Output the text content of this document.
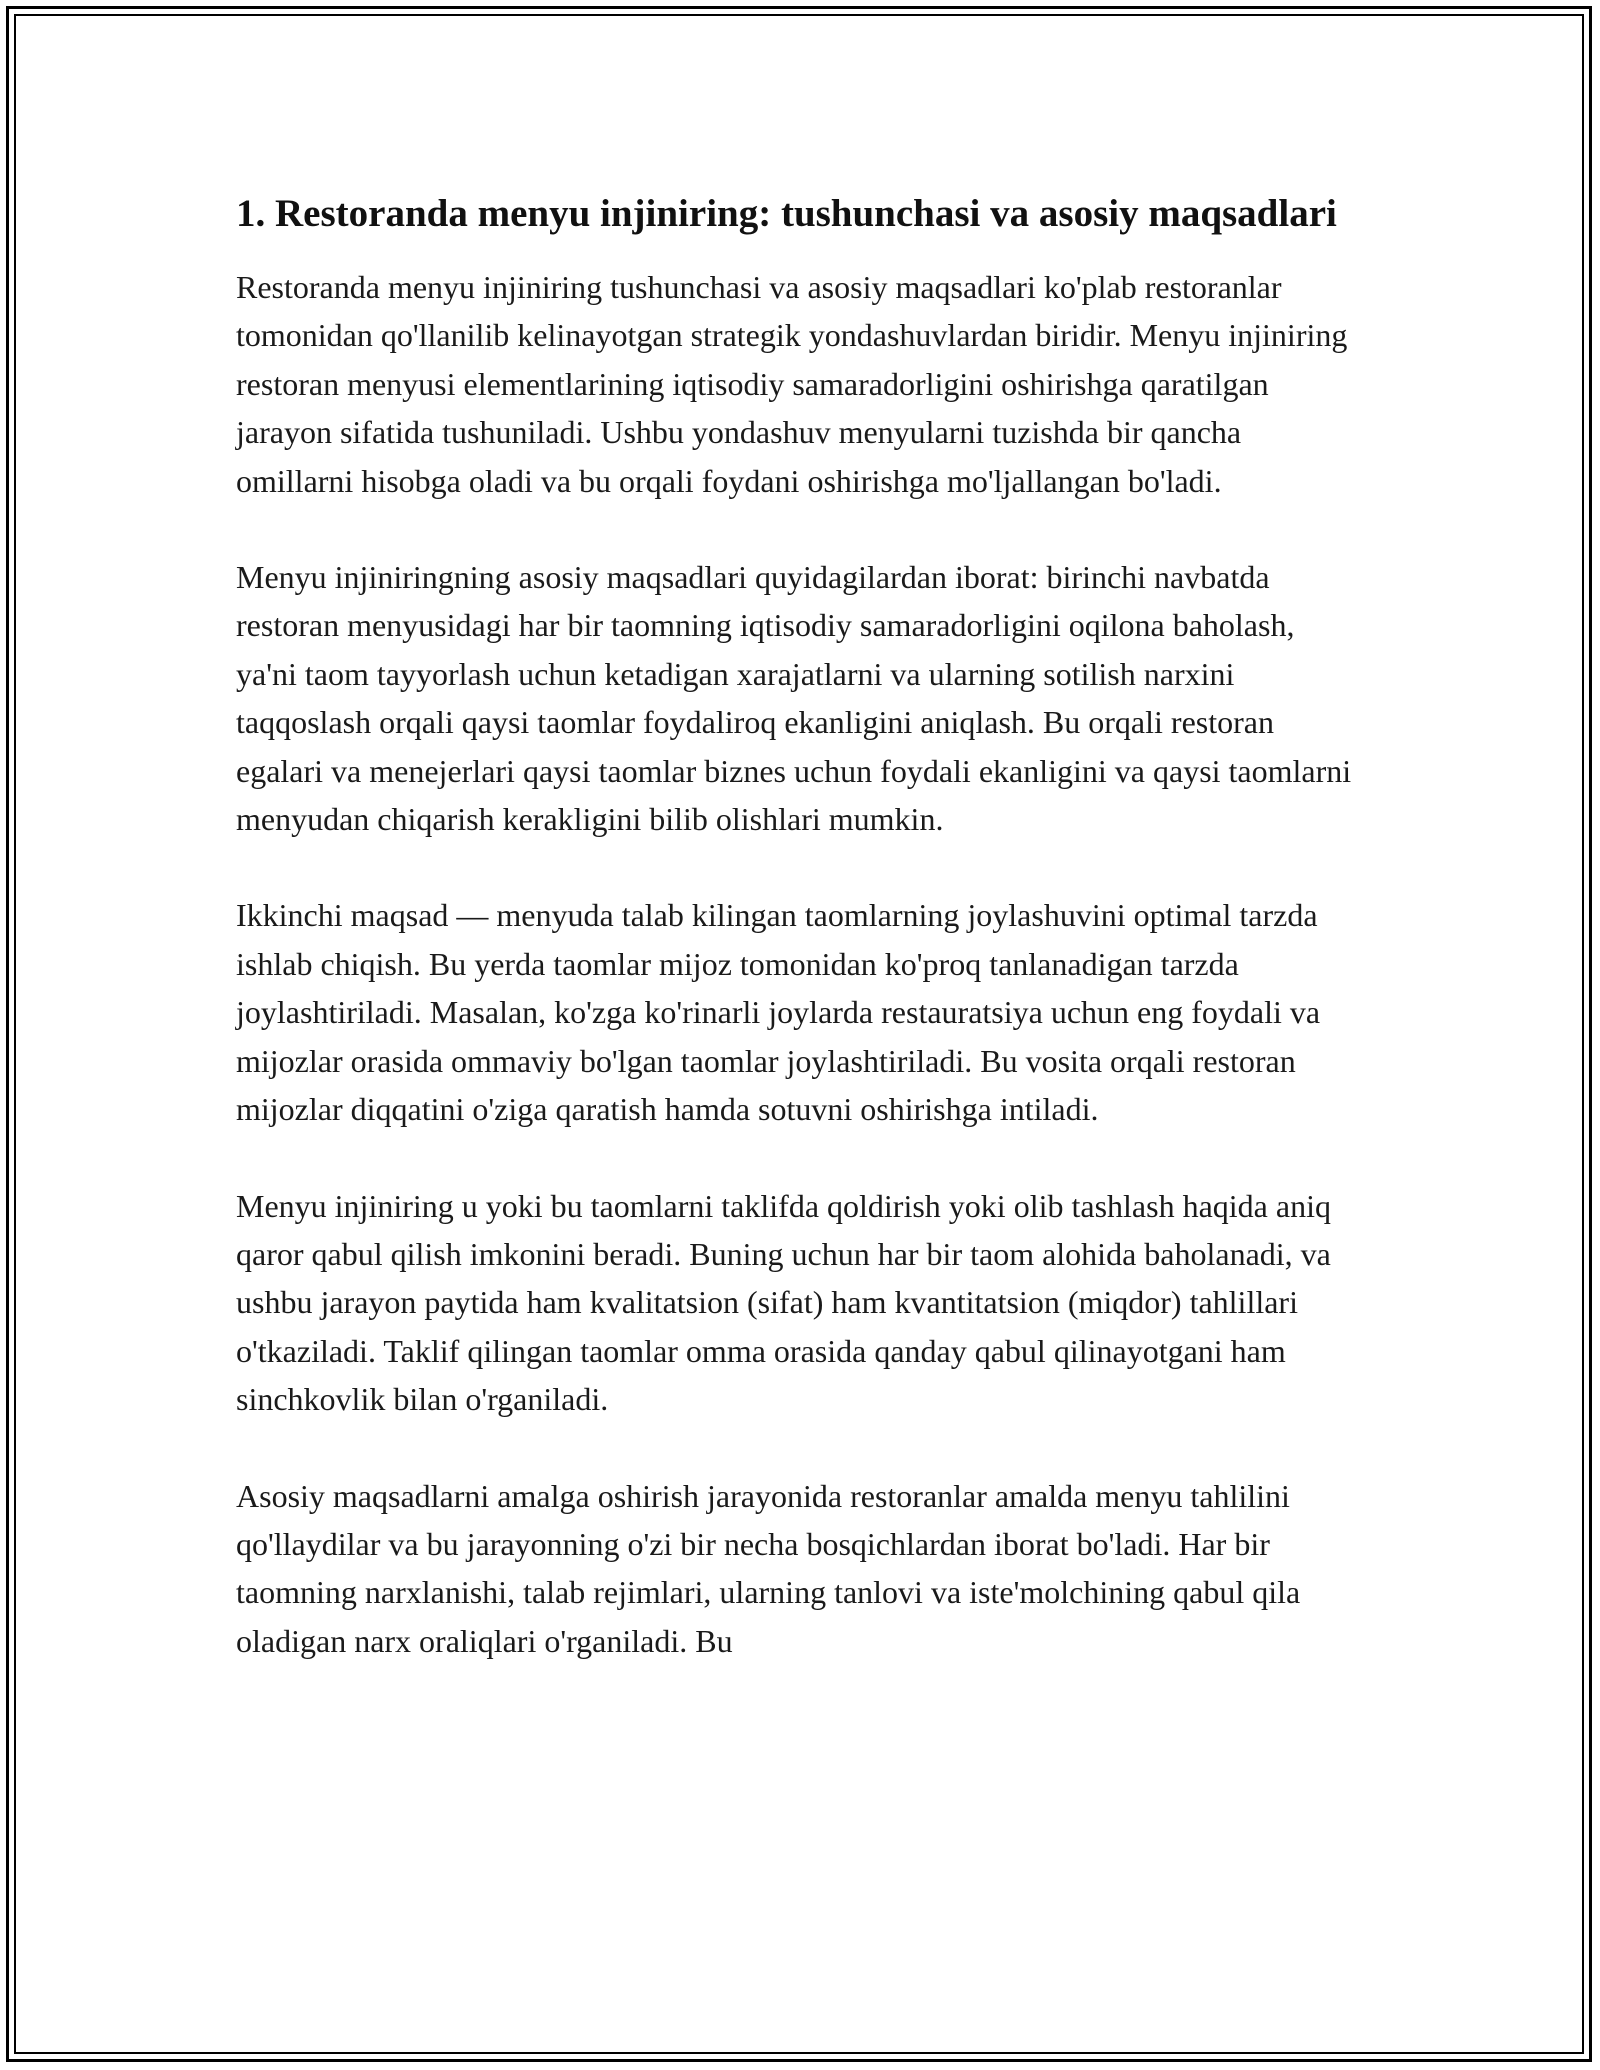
1. Restoranda menyu injiniring: tushunchasi va asosiy maqsadlari

Restoranda menyu injiniring tushunchasi va asosiy maqsadlari ko'plab restoranlar tomonidan qo'llanilib kelinayotgan strategik yondashuvlardan biridir. Menyu injiniring restoran menyusi elementlarining iqtisodiy samaradorligini oshirishga qaratilgan jarayon sifatida tushuniladi. Ushbu yondashuv menyularni tuzishda bir qancha omillarni hisobga oladi va bu orqali foydani oshirishga mo'ljallangan bo'ladi.

Menyu injiniringning asosiy maqsadlari quyidagilardan iborat: birinchi navbatda restoran menyusidagi har bir taomning iqtisodiy samaradorligini oqilona baholash, ya'ni taom tayyorlash uchun ketadigan xarajatlarni va ularning sotilish narxini taqqoslash orqali qaysi taomlar foydaliroq ekanligini aniqlash. Bu orqali restoran egalari va menejerlari qaysi taomlar biznes uchun foydali ekanligini va qaysi taomlarni menyudan chiqarish kerakligini bilib olishlari mumkin.

Ikkinchi maqsad — menyuda talab kilingan taomlarning joylashuvini optimal tarzda ishlab chiqish. Bu yerda taomlar mijoz tomonidan ko'proq tanlanadigan tarzda joylashtiriladi. Masalan, ko'zga ko'rinarli joylarda restauratsiya uchun eng foydali va mijozlar orasida ommaviy bo'lgan taomlar joylashtiriladi. Bu vosita orqali restoran mijozlar diqqatini o'ziga qaratish hamda sotuvni oshirishga intiladi.

Menyu injiniring u yoki bu taomlarni taklifda qoldirish yoki olib tashlash haqida aniq qaror qabul qilish imkonini beradi. Buning uchun har bir taom alohida baholanadi, va ushbu jarayon paytida ham kvalitatsion (sifat) ham kvantitatsion (miqdor) tahlillari o'tkaziladi. Taklif qilingan taomlar omma orasida qanday qabul qilinayotgani ham sinchkovlik bilan o'rganiladi.

Asosiy maqsadlarni amalga oshirish jarayonida restoranlar amalda menyu tahlilini qo'llaydilar va bu jarayonning o'zi bir necha bosqichlardan iborat bo'ladi. Har bir taomning narxlanishi, talab rejimlari, ularning tanlovi va iste'molchining qabul qila oladigan narx oraliqlari o'rganiladi. Bu
